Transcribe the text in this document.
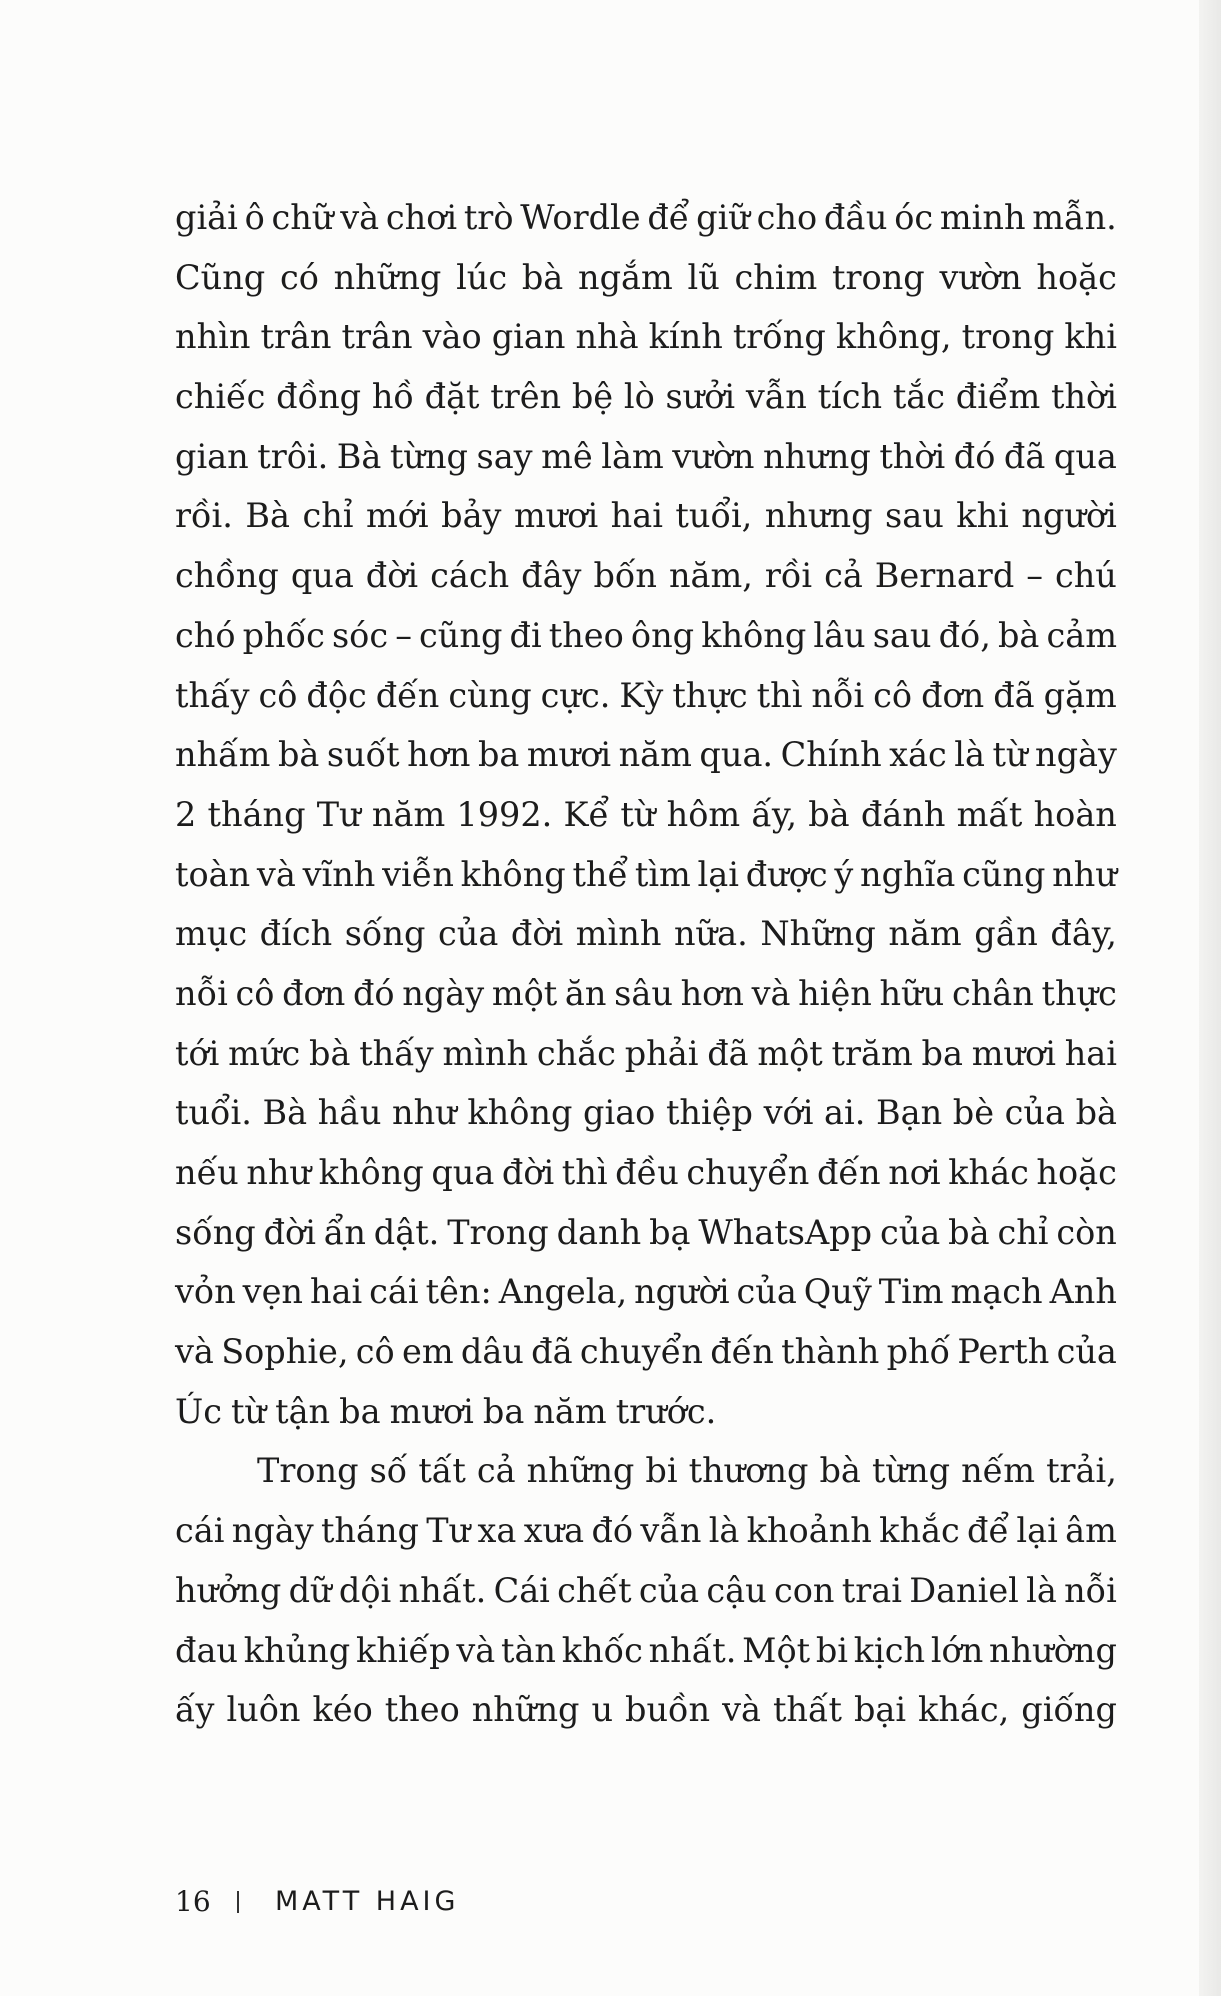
giải ô chữ và chơi trò Wordle để giữ cho đầu óc minh mẫn.
Cũng có những lúc bà ngắm lũ chim trong vườn hoặc
nhìn trân trân vào gian nhà kính trống không, trong khi
chiếc đồng hồ đặt trên bệ lò sưởi vẫn tích tắc điểm thời
gian trôi. Bà từng say mê làm vườn nhưng thời đó đã qua
rồi. Bà chỉ mới bảy mươi hai tuổi, nhưng sau khi người
chồng qua đời cách đây bốn năm, rồi cả Bernard – chú
chó phốc sóc – cũng đi theo ông không lâu sau đó, bà cảm
thấy cô độc đến cùng cực. Kỳ thực thì nỗi cô đơn đã gặm
nhấm bà suốt hơn ba mươi năm qua. Chính xác là từ ngày
2 tháng Tư năm 1992. Kể từ hôm ấy, bà đánh mất hoàn
toàn và vĩnh viễn không thể tìm lại được ý nghĩa cũng như
mục đích sống của đời mình nữa. Những năm gần đây,
nỗi cô đơn đó ngày một ăn sâu hơn và hiện hữu chân thực
tới mức bà thấy mình chắc phải đã một trăm ba mươi hai
tuổi. Bà hầu như không giao thiệp với ai. Bạn bè của bà
nếu như không qua đời thì đều chuyển đến nơi khác hoặc
sống đời ẩn dật. Trong danh bạ WhatsApp của bà chỉ còn
vỏn vẹn hai cái tên: Angela, người của Quỹ Tim mạch Anh
và Sophie, cô em dâu đã chuyển đến thành phố Perth của
Úc từ tận ba mươi ba năm trước.
Trong số tất cả những bi thương bà từng nếm trải,
cái ngày tháng Tư xa xưa đó vẫn là khoảnh khắc để lại âm
hưởng dữ dội nhất. Cái chết của cậu con trai Daniel là nỗi
đau khủng khiếp và tàn khốc nhất. Một bi kịch lớn nhường
ấy luôn kéo theo những u buồn và thất bại khác, giống
16	MATT HAIG
